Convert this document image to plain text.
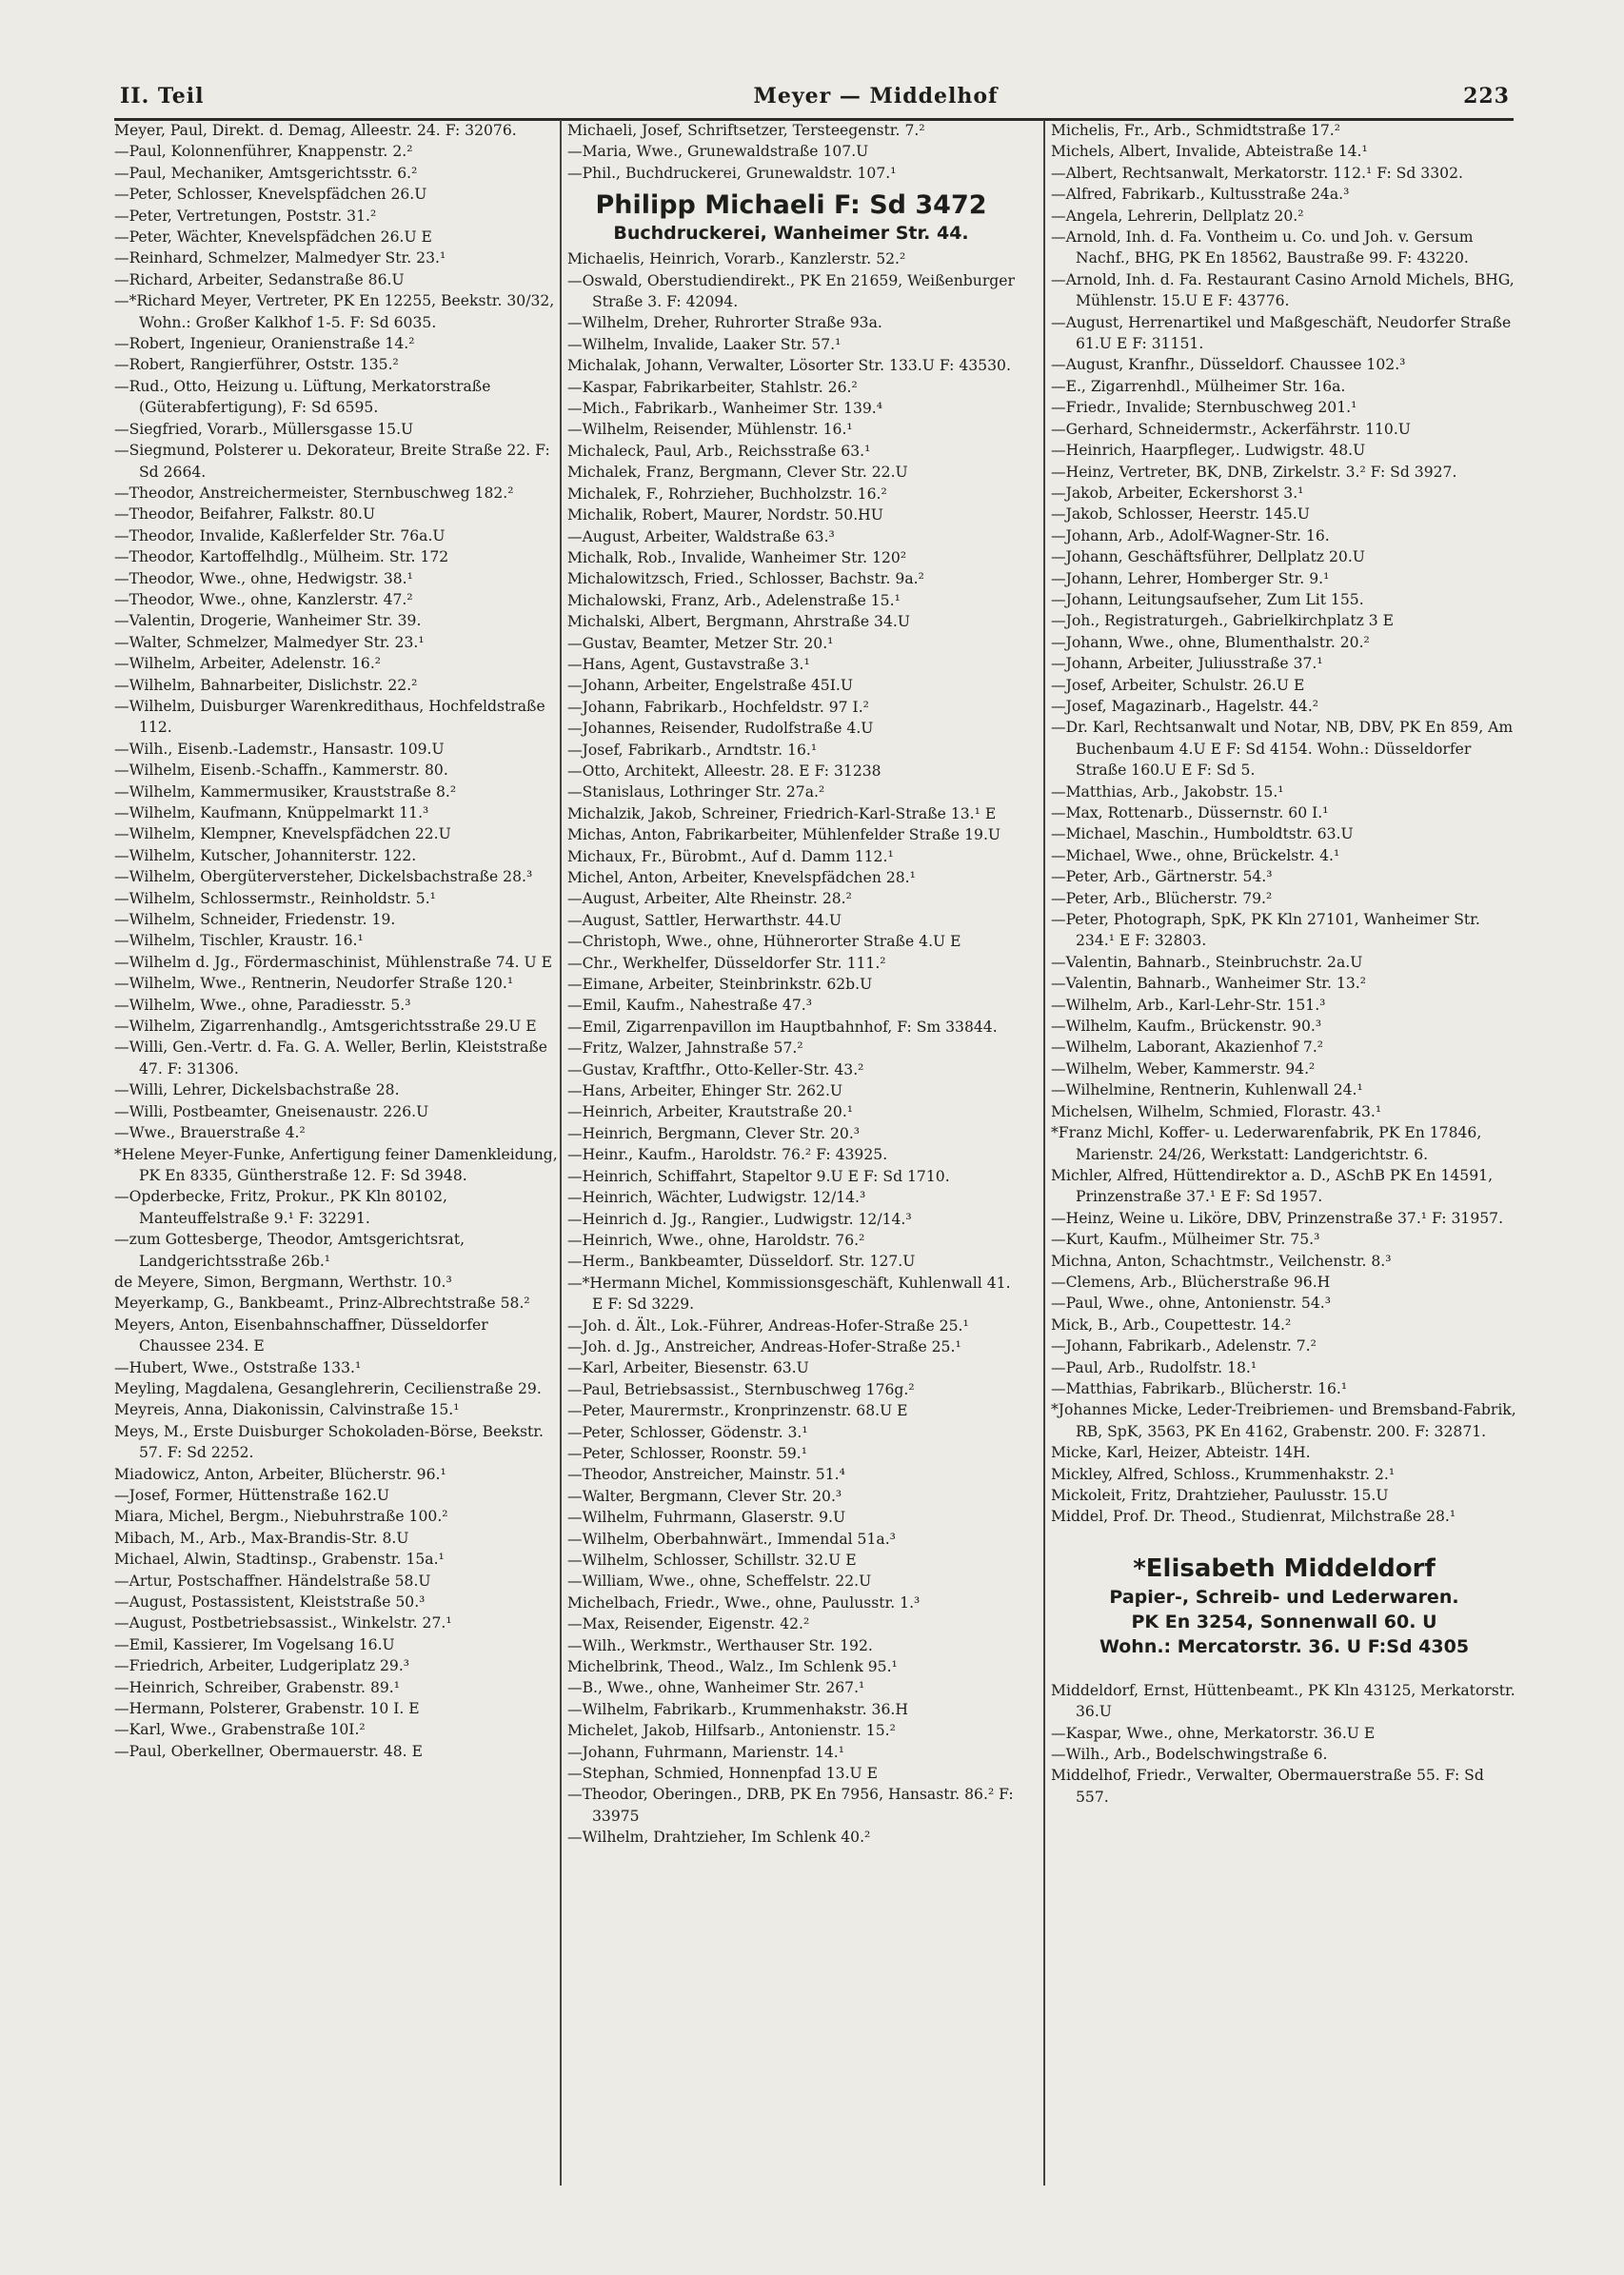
II. Teil	Meyer — Middelhof	223
Meyer, Paul, Direkt. d. Demag, Alleestr. 24. F: 32076.
—Paul, Kolonnenführer, Knappenstr. 2.²
—Paul, Mechaniker, Amtsgerichtsstr. 6.²
—Peter, Schlosser, Knevelspfädchen 26.U
—Peter, Vertretungen, Poststr. 31.²
—Peter, Wächter, Knevelspfädchen 26.U E
—Reinhard, Schmelzer, Malmedyer Str. 23.¹
—Richard, Arbeiter, Sedanstraße 86.U
—*Richard Meyer, Vertreter, PK En 12255, Beekstr. 30/32, Wohn.: Großer Kalkhof 1-5. F: Sd 6035.
—Robert, Ingenieur, Oranienstraße 14.²
—Robert, Rangierführer, Oststr. 135.²
—Rud., Otto, Heizung u. Lüftung, Merkatorstraße (Güterabfertigung), F: Sd 6595.
—Siegfried, Vorarb., Müllersgasse 15.U
—Siegmund, Polsterer u. Dekorateur, Breite Straße 22. F: Sd 2664.
—Theodor, Anstreichermeister, Sternbuschweg 182.²
—Theodor, Beifahrer, Falkstr. 80.U
—Theodor, Invalide, Kaßlerfelder Str. 76a.U
—Theodor, Kartoffelhdlg., Mülheim. Str. 172
—Theodor, Wwe., ohne, Hedwigstr. 38.¹
—Theodor, Wwe., ohne, Kanzlerstr. 47.²
—Valentin, Drogerie, Wanheimer Str. 39.
—Walter, Schmelzer, Malmedyer Str. 23.¹
—Wilhelm, Arbeiter, Adelenstr. 16.²
—Wilhelm, Bahnarbeiter, Dislichstr. 22.²
—Wilhelm, Duisburger Warenkredithaus, Hochfeldstraße 112.
—Wilh., Eisenb.-Lademstr., Hansastr. 109.U
—Wilhelm, Eisenb.-Schaffn., Kammerstr. 80.
—Wilhelm, Kammermusiker, Krauststraße 8.²
—Wilhelm, Kaufmann, Knüppelmarkt 11.³
—Wilhelm, Klempner, Knevelspfädchen 22.U
—Wilhelm, Kutscher, Johanniterstr. 122.
—Wilhelm, Obergüterversteher, Dickelsbachstraße 28.³
—Wilhelm, Schlossermstr., Reinholdstr. 5.¹
—Wilhelm, Schneider, Friedenstr. 19.
—Wilhelm, Tischler, Kraustr. 16.¹
—Wilhelm d. Jg., Fördermaschinist, Mühlenstraße 74. U E
—Wilhelm, Wwe., Rentnerin, Neudorfer Straße 120.¹
—Wilhelm, Wwe., ohne, Paradiesstr. 5.³
—Wilhelm, Zigarrenhandlg., Amtsgerichtsstraße 29.U E
—Willi, Gen.-Vertr. d. Fa. G. A. Weller, Berlin, Kleiststraße 47. F: 31306.
—Willi, Lehrer, Dickelsbachstraße 28.
—Willi, Postbeamter, Gneisenaustr. 226.U
—Wwe., Brauerstraße 4.²
*Helene Meyer-Funke, Anfertigung feiner Damenkleidung, PK En 8335, Güntherstraße 12. F: Sd 3948.
—Opderbecke, Fritz, Prokur., PK Kln 80102, Manteuffelstraße 9.¹ F: 32291.
—zum Gottesberge, Theodor, Amtsgerichtsrat, Landgerichtsstraße 26b.¹
de Meyere, Simon, Bergmann, Werthstr. 10.³
Meyerkamp, G., Bankbeamt., Prinz-Albrechtstraße 58.²
Meyers, Anton, Eisenbahnschaffner, Düsseldorfer Chaussee 234. E
—Hubert, Wwe., Oststraße 133.¹
Meyling, Magdalena, Gesanglehrerin, Cecilienstraße 29.
Meyreis, Anna, Diakonissin, Calvinstraße 15.¹
Meys, M., Erste Duisburger Schokoladen-Börse, Beekstr. 57. F: Sd 2252.
Miadowicz, Anton, Arbeiter, Blücherstr. 96.¹
—Josef, Former, Hüttenstraße 162.U
Miara, Michel, Bergm., Niebuhrstraße 100.²
Mibach, M., Arb., Max-Brandis-Str. 8.U
Michael, Alwin, Stadtinsp., Grabenstr. 15a.¹
—Artur, Postschaffner. Händelstraße 58.U
—August, Postassistent, Kleiststraße 50.³
—August, Postbetriebsassist., Winkelstr. 27.¹
—Emil, Kassierer, Im Vogelsang 16.U
—Friedrich, Arbeiter, Ludgeriplatz 29.³
—Heinrich, Schreiber, Grabenstr. 89.¹
—Hermann, Polsterer, Grabenstr. 10 I. E
—Karl, Wwe., Grabenstraße 10I.²
—Paul, Oberkellner, Obermauerstr. 48. E
Michaeli, Josef, Schriftsetzer, Tersteegenstr. 7.²
—Maria, Wwe., Grunewaldstraße 107.U
—Phil., Buchdruckerei, Grunewaldstr. 107.¹
Philipp Michaeli F: Sd 3472
Buchdruckerei, Wanheimer Str. 44.
Michaelis, Heinrich, Vorarb., Kanzlerstr. 52.²
—Oswald, Oberstudiendirekt., PK En 21659, Weißenburger Straße 3. F: 42094.
—Wilhelm, Dreher, Ruhrorter Straße 93a.
—Wilhelm, Invalide, Laaker Str. 57.¹
Michalak, Johann, Verwalter, Lösorter Str. 133.U F: 43530.
—Kaspar, Fabrikarbeiter, Stahlstr. 26.²
—Mich., Fabrikarb., Wanheimer Str. 139.⁴
—Wilhelm, Reisender, Mühlenstr. 16.¹
Michaleck, Paul, Arb., Reichsstraße 63.¹
Michalek, Franz, Bergmann, Clever Str. 22.U
Michalek, F., Rohrzieher, Buchholzstr. 16.²
Michalik, Robert, Maurer, Nordstr. 50.HU
—August, Arbeiter, Waldstraße 63.³
Michalk, Rob., Invalide, Wanheimer Str. 120²
Michalowitzsch, Fried., Schlosser, Bachstr. 9a.²
Michalowski, Franz, Arb., Adelenstraße 15.¹
Michalski, Albert, Bergmann, Ahrstraße 34.U
—Gustav, Beamter, Metzer Str. 20.¹
—Hans, Agent, Gustavstraße 3.¹
—Johann, Arbeiter, Engelstraße 45I.U
—Johann, Fabrikarb., Hochfeldstr. 97 I.²
—Johannes, Reisender, Rudolfstraße 4.U
—Josef, Fabrikarb., Arndtstr. 16.¹
—Otto, Architekt, Alleestr. 28. E F: 31238
—Stanislaus, Lothringer Str. 27a.²
Michalzik, Jakob, Schreiner, Friedrich-Karl-Straße 13.¹ E
Michas, Anton, Fabrikarbeiter, Mühlenfelder Straße 19.U
Michaux, Fr., Bürobmt., Auf d. Damm 112.¹
Michel, Anton, Arbeiter, Knevelspfädchen 28.¹
—August, Arbeiter, Alte Rheinstr. 28.²
—August, Sattler, Herwarthstr. 44.U
—Christoph, Wwe., ohne, Hühnerorter Straße 4.U E
—Chr., Werkhelfer, Düsseldorfer Str. 111.²
—Eimane, Arbeiter, Steinbrinkstr. 62b.U
—Emil, Kaufm., Nahestraße 47.³
—Emil, Zigarrenpavillon im Hauptbahnhof, F: Sm 33844.
—Fritz, Walzer, Jahnstraße 57.²
—Gustav, Kraftfhr., Otto-Keller-Str. 43.²
—Hans, Arbeiter, Ehinger Str. 262.U
—Heinrich, Arbeiter, Krautstraße 20.¹
—Heinrich, Bergmann, Clever Str. 20.³
—Heinr., Kaufm., Haroldstr. 76.² F: 43925.
—Heinrich, Schiffahrt, Stapeltor 9.U E F: Sd 1710.
—Heinrich, Wächter, Ludwigstr. 12/14.³
—Heinrich d. Jg., Rangier., Ludwigstr. 12/14.³
—Heinrich, Wwe., ohne, Haroldstr. 76.²
—Herm., Bankbeamter, Düsseldorf. Str. 127.U
—*Hermann Michel, Kommissionsgeschäft, Kuhlenwall 41. E F: Sd 3229.
—Joh. d. Ält., Lok.-Führer, Andreas-Hofer-Straße 25.¹
—Joh. d. Jg., Anstreicher, Andreas-Hofer-Straße 25.¹
—Karl, Arbeiter, Biesenstr. 63.U
—Paul, Betriebsassist., Sternbuschweg 176g.²
—Peter, Maurermstr., Kronprinzenstr. 68.U E
—Peter, Schlosser, Gödenstr. 3.¹
—Peter, Schlosser, Roonstr. 59.¹
—Theodor, Anstreicher, Mainstr. 51.⁴
—Walter, Bergmann, Clever Str. 20.³
—Wilhelm, Fuhrmann, Glaserstr. 9.U
—Wilhelm, Oberbahnwärt., Immendal 51a.³
—Wilhelm, Schlosser, Schillstr. 32.U E
—William, Wwe., ohne, Scheffelstr. 22.U
Michelbach, Friedr., Wwe., ohne, Paulusstr. 1.³
—Max, Reisender, Eigenstr. 42.²
—Wilh., Werkmstr., Werthauser Str. 192.
Michelbrink, Theod., Walz., Im Schlenk 95.¹
—B., Wwe., ohne, Wanheimer Str. 267.¹
—Wilhelm, Fabrikarb., Krummenhakstr. 36.H
Michelet, Jakob, Hilfsarb., Antonienstr. 15.²
—Johann, Fuhrmann, Marienstr. 14.¹
—Stephan, Schmied, Honnenpfad 13.U E
—Theodor, Oberingen., DRB, PK En 7956, Hansastr. 86.² F: 33975
—Wilhelm, Drahtzieher, Im Schlenk 40.²
Michelis, Fr., Arb., Schmidtstraße 17.²
Michels, Albert, Invalide, Abteistraße 14.¹
—Albert, Rechtsanwalt, Merkatorstr. 112.¹ F: Sd 3302.
—Alfred, Fabrikarb., Kultusstraße 24a.³
—Angela, Lehrerin, Dellplatz 20.²
—Arnold, Inh. d. Fa. Vontheim u. Co. und Joh. v. Gersum Nachf., BHG, PK En 18562, Baustraße 99. F: 43220.
—Arnold, Inh. d. Fa. Restaurant Casino Arnold Michels, BHG, Mühlenstr. 15.U E F: 43776.
—August, Herrenartikel und Maßgeschäft, Neudorfer Straße 61.U E F: 31151.
—August, Kranfhr., Düsseldorf. Chaussee 102.³
—E., Zigarrenhdl., Mülheimer Str. 16a.
—Friedr., Invalide; Sternbuschweg 201.¹
—Gerhard, Schneidermstr., Ackerfährstr. 110.U
—Heinrich, Haarpfleger,. Ludwigstr. 48.U
—Heinz, Vertreter, BK, DNB, Zirkelstr. 3.² F: Sd 3927.
—Jakob, Arbeiter, Eckershorst 3.¹
—Jakob, Schlosser, Heerstr. 145.U
—Johann, Arb., Adolf-Wagner-Str. 16.
—Johann, Geschäftsführer, Dellplatz 20.U
—Johann, Lehrer, Homberger Str. 9.¹
—Johann, Leitungsaufseher, Zum Lit 155.
—Joh., Registraturgeh., Gabrielkirchplatz 3 E
—Johann, Wwe., ohne, Blumenthalstr. 20.²
—Johann, Arbeiter, Juliusstraße 37.¹
—Josef, Arbeiter, Schulstr. 26.U E
—Josef, Magazinarb., Hagelstr. 44.²
—Dr. Karl, Rechtsanwalt und Notar, NB, DBV, PK En 859, Am Buchenbaum 4.U E F: Sd 4154. Wohn.: Düsseldorfer Straße 160.U E F: Sd 5.
—Matthias, Arb., Jakobstr. 15.¹
—Max, Rottenarb., Düssernstr. 60 I.¹
—Michael, Maschin., Humboldtstr. 63.U
—Michael, Wwe., ohne, Brückelstr. 4.¹
—Peter, Arb., Gärtnerstr. 54.³
—Peter, Arb., Blücherstr. 79.²
—Peter, Photograph, SpK, PK Kln 27101, Wanheimer Str. 234.¹ E F: 32803.
—Valentin, Bahnarb., Steinbruchstr. 2a.U
—Valentin, Bahnarb., Wanheimer Str. 13.²
—Wilhelm, Arb., Karl-Lehr-Str. 151.³
—Wilhelm, Kaufm., Brückenstr. 90.³
—Wilhelm, Laborant, Akazienhof 7.²
—Wilhelm, Weber, Kammerstr. 94.²
—Wilhelmine, Rentnerin, Kuhlenwall 24.¹
Michelsen, Wilhelm, Schmied, Florastr. 43.¹
*Franz Michl, Koffer- u. Lederwarenfabrik, PK En 17846, Marienstr. 24/26, Werkstatt: Landgerichtstr. 6.
Michler, Alfred, Hüttendirektor a. D., ASchB PK En 14591, Prinzenstraße 37.¹ E F: Sd 1957.
—Heinz, Weine u. Liköre, DBV, Prinzenstraße 37.¹ F: 31957.
—Kurt, Kaufm., Mülheimer Str. 75.³
Michna, Anton, Schachtmstr., Veilchenstr. 8.³
—Clemens, Arb., Blücherstraße 96.H
—Paul, Wwe., ohne, Antonienstr. 54.³
Mick, B., Arb., Coupettestr. 14.²
—Johann, Fabrikarb., Adelenstr. 7.²
—Paul, Arb., Rudolfstr. 18.¹
—Matthias, Fabrikarb., Blücherstr. 16.¹
*Johannes Micke, Leder-Treibriemen- und Bremsband-Fabrik, RB, SpK, 3563, PK En 4162, Grabenstr. 200. F: 32871.
Micke, Karl, Heizer, Abteistr. 14H.
Mickley, Alfred, Schloss., Krummenhakstr. 2.¹
Mickoleit, Fritz, Drahtzieher, Paulusstr. 15.U
Middel, Prof. Dr. Theod., Studienrat, Milchstraße 28.¹
*Elisabeth Middeldorf
Papier-, Schreib- und Lederwaren.
PK En 3254, Sonnenwall 60. U
Wohn.: Mercatorstr. 36. U F:Sd 4305
Middeldorf, Ernst, Hüttenbeamt., PK Kln 43125, Merkatorstr. 36.U
—Kaspar, Wwe., ohne, Merkatorstr. 36.U E
—Wilh., Arb., Bodelschwingstraße 6.
Middelhof, Friedr., Verwalter, Obermauerstraße 55. F: Sd 557.
